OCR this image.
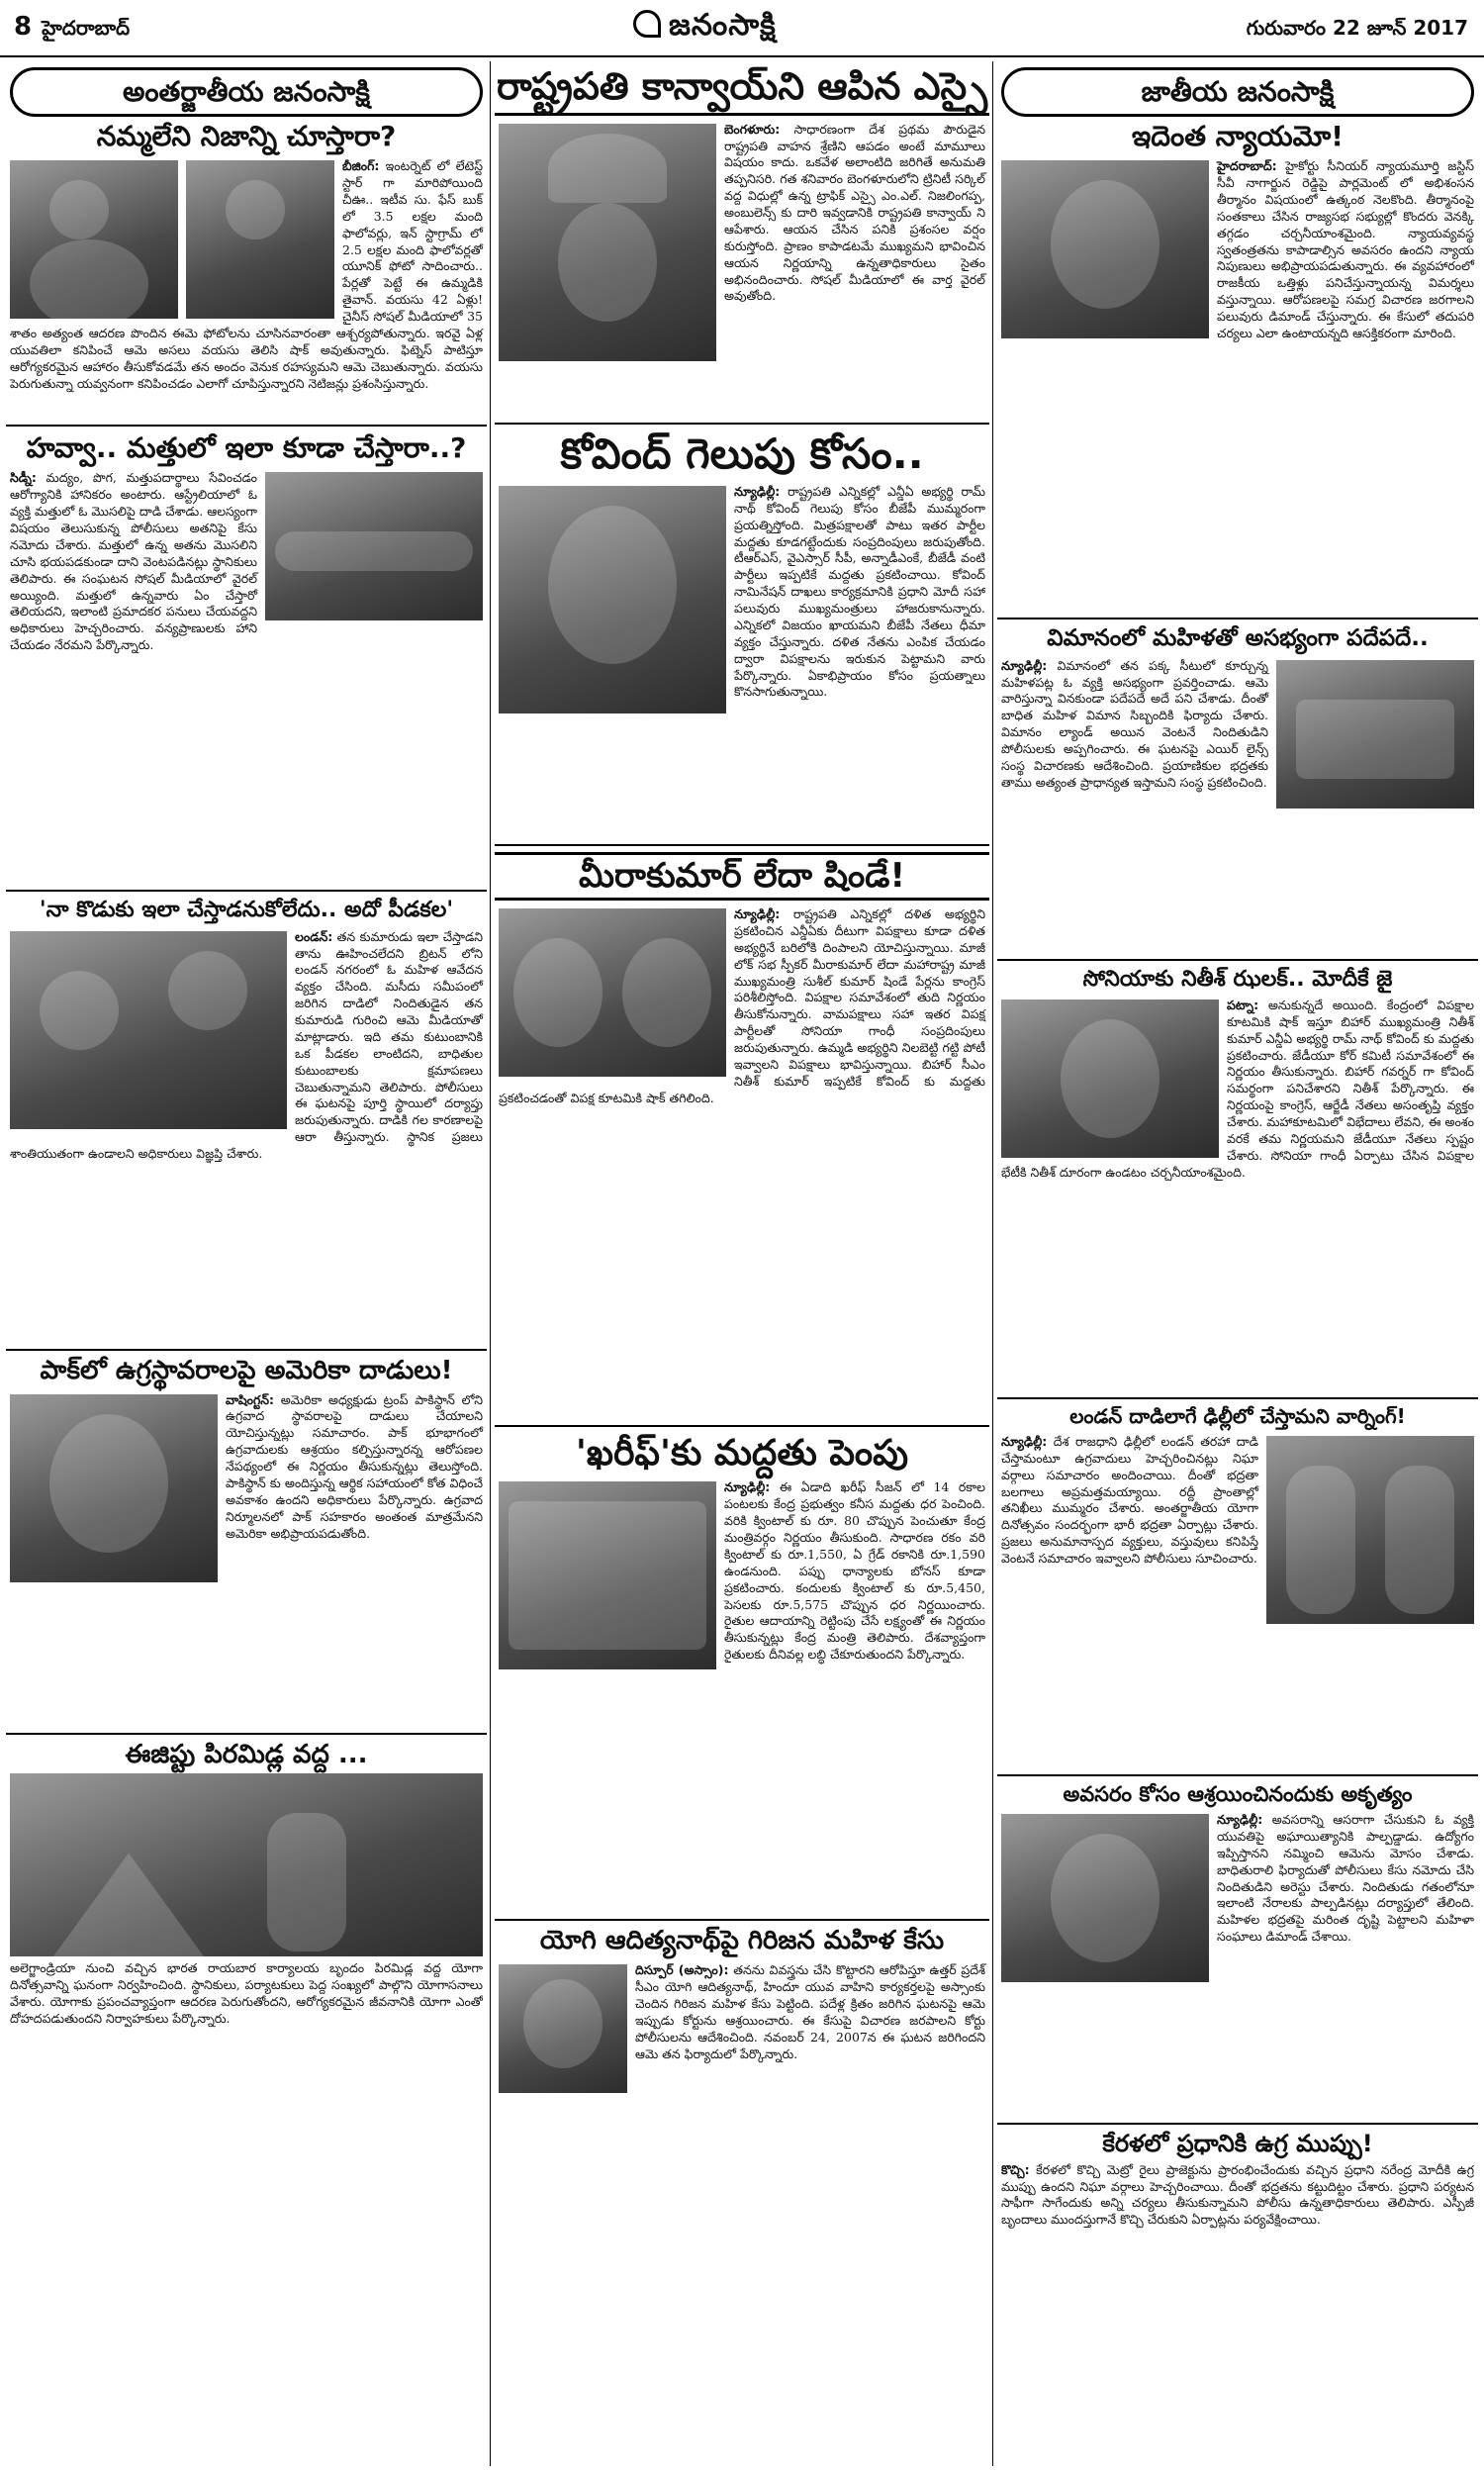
8 హైదరాబాద్	జనంసాక్షి	గురువారం 22 జూన్ 2017
అంతర్జాతీయ జనంసాక్షి
నమ్మలేని నిజాన్ని చూస్తారా?
బీజింగ్: ఇంటర్నెట్ లో లేటెస్ట్ స్టార్ గా మారిపోయింది చీఊ.. ఇటీవ సు. ఫేస్ బుక్ లో 3.5 లక్షల మంది ఫాలోవర్లు, ఇన్ స్టాగ్రామ్ లో 2.5 లక్షల మంది ఫాలోవర్లతో యూనిక్ ఫోటో సాదించారు.. పేర్లతో పెట్టే ఈ ఉమ్మడికి తైవాన్. వయసు 42 ఏళ్లు! చైనీస్ సోషల్ మీడియాలో 35 శాతం అత్యంత ఆదరణ పొందిన ఈమె ఫోటోలను చూసినవారంతా ఆశ్చర్యపోతున్నారు. ఇరవై ఏళ్ల యువతిలా కనిపించే ఆమె అసలు వయసు తెలిసి షాక్ అవుతున్నారు. ఫిట్నెస్ పాటిస్తూ ఆరోగ్యకరమైన ఆహారం తీసుకోవడమే తన అందం వెనుక రహస్యమని ఆమె చెబుతున్నారు. వయసు పెరుగుతున్నా యవ్వనంగా కనిపించడం ఎలాగో చూపిస్తున్నారని నెటిజన్లు ప్రశంసిస్తున్నారు.
హవ్వా.. మత్తులో ఇలా కూడా చేస్తారా..?
సిడ్నీ: మద్యం, పొగ, మత్తుపదార్థాలు సేవించడం ఆరోగ్యానికి హానికరం అంటారు. ఆస్ట్రేలియాలో ఓ వ్యక్తి మత్తులో ఓ మొసలిపై దాడి చేశాడు. ఆలస్యంగా విషయం తెలుసుకున్న పోలీసులు అతనిపై కేసు నమోదు చేశారు. మత్తులో ఉన్న అతను మొసలిని చూసి భయపడకుండా దాని వెంటపడినట్లు స్థానికులు తెలిపారు. ఈ సంఘటన సోషల్ మీడియాలో వైరల్ అయ్యింది. మత్తులో ఉన్నవారు ఏం చేస్తారో తెలియదని, ఇలాంటి ప్రమాదకర పనులు చేయవద్దని అధికారులు హెచ్చరించారు. వన్యప్రాణులకు హాని చేయడం నేరమని పేర్కొన్నారు.
'నా కొడుకు ఇలా చేస్తాడనుకోలేదు.. అదో పీడకల'
లండన్: తన కుమారుడు ఇలా చేస్తాడని తాను ఊహించలేదని బ్రిటన్ లోని లండన్ నగరంలో ఓ మహిళ ఆవేదన వ్యక్తం చేసింది. మసీదు సమీపంలో జరిగిన దాడిలో నిందితుడైన తన కుమారుడి గురించి ఆమె మీడియాతో మాట్లాడారు. ఇది తమ కుటుంబానికి ఒక పీడకల లాంటిదని, బాధితుల కుటుంబాలకు క్షమాపణలు చెబుతున్నామని తెలిపారు. పోలీసులు ఈ ఘటనపై పూర్తి స్థాయిలో దర్యాప్తు జరుపుతున్నారు. దాడికి గల కారణాలపై ఆరా తీస్తున్నారు. స్థానిక ప్రజలు శాంతియుతంగా ఉండాలని అధికారులు విజ్ఞప్తి చేశారు.
పాక్‌లో ఉగ్రస్థావరాలపై అమెరికా దాడులు!
వాషింగ్టన్: అమెరికా అధ్యక్షుడు ట్రంప్ పాకిస్థాన్ లోని ఉగ్రవాద స్థావరాలపై దాడులు చేయాలని యోచిస్తున్నట్లు సమాచారం. పాక్ భూభాగంలో ఉగ్రవాదులకు ఆశ్రయం కల్పిస్తున్నారన్న ఆరోపణల నేపథ్యంలో ఈ నిర్ణయం తీసుకున్నట్లు తెలుస్తోంది. పాకిస్థాన్ కు అందిస్తున్న ఆర్థిక సహాయంలో కోత విధించే అవకాశం ఉందని అధికారులు పేర్కొన్నారు. ఉగ్రవాద నిర్మూలనలో పాక్ సహకారం అంతంత మాత్రమేనని అమెరికా అభిప్రాయపడుతోంది.
ఈజిప్టు పిరమిడ్ల వద్ద ...
అలెగ్జాండ్రియా నుంచి వచ్చిన భారత రాయబార కార్యాలయ బృందం పిరమిడ్ల వద్ద యోగా దినోత్సవాన్ని ఘనంగా నిర్వహించింది. స్థానికులు, పర్యాటకులు పెద్ద సంఖ్యలో పాల్గొని యోగాసనాలు వేశారు. యోగాకు ప్రపంచవ్యాప్తంగా ఆదరణ పెరుగుతోందని, ఆరోగ్యకరమైన జీవనానికి యోగా ఎంతో దోహదపడుతుందని నిర్వాహకులు పేర్కొన్నారు.
రాష్ట్రపతి కాన్వాయ్‌ని ఆపిన ఎస్సై
బెంగళూరు: సాధారణంగా దేశ ప్రథమ పౌరుడైన రాష్ట్రపతి వాహన శ్రేణిని ఆపడం అంటే మామూలు విషయం కాదు. ఒకవేళ అలాంటిది జరిగితే అనుమతి తప్పనిసరి. గత శనివారం బెంగళూరులోని ట్రినిటీ సర్కిల్ వద్ద విధుల్లో ఉన్న ట్రాఫిక్ ఎస్సై ఎం.ఎల్. నిజలింగప్ప, అంబులెన్స్ కు దారి ఇవ్వడానికి రాష్ట్రపతి కాన్వాయ్ ని ఆపేశారు. ఆయన చేసిన పనికి ప్రశంసల వర్షం కురుస్తోంది. ప్రాణం కాపాడటమే ముఖ్యమని భావించిన ఆయన నిర్ణయాన్ని ఉన్నతాధికారులు సైతం అభినందించారు. సోషల్ మీడియాలో ఈ వార్త వైరల్ అవుతోంది.
కోవింద్ గెలుపు కోసం..
న్యూఢిల్లీ: రాష్ట్రపతి ఎన్నికల్లో ఎన్డీఏ అభ్యర్థి రామ్ నాథ్ కోవింద్ గెలుపు కోసం బీజేపీ ముమ్మరంగా ప్రయత్నిస్తోంది. మిత్రపక్షాలతో పాటు ఇతర పార్టీల మద్దతు కూడగట్టేందుకు సంప్రదింపులు జరుపుతోంది. టీఆర్ఎస్, వైఎస్సార్ సీపీ, అన్నాడీఎంకే, బీజేడీ వంటి పార్టీలు ఇప్పటికే మద్దతు ప్రకటించాయి. కోవింద్ నామినేషన్ దాఖలు కార్యక్రమానికి ప్రధాని మోదీ సహా పలువురు ముఖ్యమంత్రులు హాజరుకానున్నారు. ఎన్నికలో విజయం ఖాయమని బీజేపీ నేతలు ధీమా వ్యక్తం చేస్తున్నారు. దళిత నేతను ఎంపిక చేయడం ద్వారా విపక్షాలను ఇరుకున పెట్టామని వారు పేర్కొన్నారు. ఏకాభిప్రాయం కోసం ప్రయత్నాలు కొనసాగుతున్నాయి.
మీరాకుమార్ లేదా షిండే!
న్యూఢిల్లీ: రాష్ట్రపతి ఎన్నికల్లో దళిత అభ్యర్థిని ప్రకటించిన ఎన్డీఏకు దీటుగా విపక్షాలు కూడా దళిత అభ్యర్థినే బరిలోకి దింపాలని యోచిస్తున్నాయి. మాజీ లోక్ సభ స్పీకర్ మీరాకుమార్ లేదా మహారాష్ట్ర మాజీ ముఖ్యమంత్రి సుశీల్ కుమార్ షిండే పేర్లను కాంగ్రెస్ పరిశీలిస్తోంది. విపక్షాల సమావేశంలో తుది నిర్ణయం తీసుకోనున్నారు. వామపక్షాలు సహా ఇతర విపక్ష పార్టీలతో సోనియా గాంధీ సంప్రదింపులు జరుపుతున్నారు. ఉమ్మడి అభ్యర్థిని నిలబెట్టి గట్టి పోటీ ఇవ్వాలని విపక్షాలు భావిస్తున్నాయి. బిహార్ సీఎం నితీశ్ కుమార్ ఇప్పటికే కోవింద్ కు మద్దతు ప్రకటించడంతో విపక్ష కూటమికి షాక్ తగిలింది.
'ఖరీఫ్'కు మద్దతు పెంపు
న్యూఢిల్లీ: ఈ ఏడాది ఖరీఫ్ సీజన్ లో 14 రకాల పంటలకు కేంద్ర ప్రభుత్వం కనీస మద్దతు ధర పెంచింది. వరికి క్వింటాల్ కు రూ. 80 చొప్పున పెంచుతూ కేంద్ర మంత్రివర్గం నిర్ణయం తీసుకుంది. సాధారణ రకం వరి క్వింటాల్ కు రూ.1,550, ఏ గ్రేడ్ రకానికి రూ.1,590 ఉండనుంది. పప్పు ధాన్యాలకు బోనస్ కూడా ప్రకటించారు. కందులకు క్వింటాల్ కు రూ.5,450, పెసలకు రూ.5,575 చొప్పున ధర నిర్ణయించారు. రైతుల ఆదాయాన్ని రెట్టింపు చేసే లక్ష్యంతో ఈ నిర్ణయం తీసుకున్నట్లు కేంద్ర మంత్రి తెలిపారు. దేశవ్యాప్తంగా రైతులకు దీనివల్ల లబ్ధి చేకూరుతుందని పేర్కొన్నారు.
యోగి ఆదిత్యనాథ్‌పై గిరిజన మహిళ కేసు
దిస్పూర్ (అస్సాం): తనను వివస్త్రను చేసి కొట్టారని ఆరోపిస్తూ ఉత్తర్ ప్రదేశ్ సీఎం యోగి ఆదిత్యనాథ్, హిందూ యువ వాహిని కార్యకర్తలపై అస్సాంకు చెందిన గిరిజన మహిళ కేసు పెట్టింది. పదేళ్ల క్రితం జరిగిన ఘటనపై ఆమె ఇప్పుడు కోర్టును ఆశ్రయించారు. ఈ కేసుపై విచారణ జరపాలని కోర్టు పోలీసులను ఆదేశించింది. నవంబర్ 24, 2007న ఈ ఘటన జరిగిందని ఆమె తన ఫిర్యాదులో పేర్కొన్నారు.
జాతీయ జనంసాక్షి
ఇదెంత న్యాయమో!
హైదరాబాద్: హైకోర్టు సీనియర్ న్యాయమూర్తి జస్టిస్ సీవీ నాగార్జున రెడ్డిపై పార్లమెంట్ లో అభిశంసన తీర్మానం విషయంలో ఉత్కంఠ నెలకొంది. తీర్మానంపై సంతకాలు చేసిన రాజ్యసభ సభ్యుల్లో కొందరు వెనక్కి తగ్గడం చర్చనీయాంశమైంది. న్యాయవ్యవస్థ స్వతంత్రతను కాపాడాల్సిన అవసరం ఉందని న్యాయ నిపుణులు అభిప్రాయపడుతున్నారు. ఈ వ్యవహారంలో రాజకీయ ఒత్తిళ్లు పనిచేస్తున్నాయన్న విమర్శలు వస్తున్నాయి. ఆరోపణలపై సమగ్ర విచారణ జరగాలని పలువురు డిమాండ్ చేస్తున్నారు. ఈ కేసులో తదుపరి చర్యలు ఎలా ఉంటాయన్నది ఆసక్తికరంగా మారింది.
విమానంలో మహిళతో అసభ్యంగా పదేపదే..
న్యూఢిల్లీ: విమానంలో తన పక్క సీటులో కూర్చున్న మహిళపట్ల ఓ వ్యక్తి అసభ్యంగా ప్రవర్తించాడు. ఆమె వారిస్తున్నా వినకుండా పదేపదే అదే పని చేశాడు. దీంతో బాధిత మహిళ విమాన సిబ్బందికి ఫిర్యాదు చేశారు. విమానం ల్యాండ్ అయిన వెంటనే నిందితుడిని పోలీసులకు అప్పగించారు. ఈ ఘటనపై ఎయిర్ లైన్స్ సంస్థ విచారణకు ఆదేశించింది. ప్రయాణికుల భద్రతకు తాము అత్యంత ప్రాధాన్యత ఇస్తామని సంస్థ ప్రకటించింది.
సోనియాకు నితీశ్ ఝలక్.. మోదీకే జై
పట్నా: అనుకున్నదే అయింది. కేంద్రంలో విపక్షాల కూటమికి షాక్ ఇస్తూ బిహార్ ముఖ్యమంత్రి నితీశ్ కుమార్ ఎన్డీఏ అభ్యర్థి రామ్ నాథ్ కోవింద్ కు మద్దతు ప్రకటించారు. జేడీయూ కోర్ కమిటీ సమావేశంలో ఈ నిర్ణయం తీసుకున్నారు. బిహార్ గవర్నర్ గా కోవింద్ సమర్థంగా పనిచేశారని నితీశ్ పేర్కొన్నారు. ఈ నిర్ణయంపై కాంగ్రెస్, ఆర్జేడీ నేతలు అసంతృప్తి వ్యక్తం చేశారు. మహాకూటమిలో విభేదాలు లేవని, ఈ అంశం వరకే తమ నిర్ణయమని జేడీయూ నేతలు స్పష్టం చేశారు. సోనియా గాంధీ ఏర్పాటు చేసిన విపక్షాల భేటీకి నితీశ్ దూరంగా ఉండటం చర్చనీయాంశమైంది.
లండన్ దాడిలాగే ఢిల్లీలో చేస్తామని వార్నింగ్!
న్యూఢిల్లీ: దేశ రాజధాని ఢిల్లీలో లండన్ తరహా దాడి చేస్తామంటూ ఉగ్రవాదులు హెచ్చరించినట్లు నిఘా వర్గాలు సమాచారం అందించాయి. దీంతో భద్రతా బలగాలు అప్రమత్తమయ్యాయి. రద్దీ ప్రాంతాల్లో తనిఖీలు ముమ్మరం చేశారు. అంతర్జాతీయ యోగా దినోత్సవం సందర్భంగా భారీ భద్రతా ఏర్పాట్లు చేశారు. ప్రజలు అనుమానాస్పద వ్యక్తులు, వస్తువులు కనిపిస్తే వెంటనే సమాచారం ఇవ్వాలని పోలీసులు సూచించారు.
అవసరం కోసం ఆశ్రయించినందుకు అకృత్యం
న్యూఢిల్లీ: అవసరాన్ని ఆసరాగా చేసుకుని ఓ వ్యక్తి యువతిపై అఘాయిత్యానికి పాల్పడ్డాడు. ఉద్యోగం ఇప్పిస్తానని నమ్మించి ఆమెను మోసం చేశాడు. బాధితురాలి ఫిర్యాదుతో పోలీసులు కేసు నమోదు చేసి నిందితుడిని అరెస్టు చేశారు. నిందితుడు గతంలోనూ ఇలాంటి నేరాలకు పాల్పడినట్లు దర్యాప్తులో తేలింది. మహిళల భద్రతపై మరింత దృష్టి పెట్టాలని మహిళా సంఘాలు డిమాండ్ చేశాయి.
కేరళలో ప్రధానికి ఉగ్ర ముప్పు!
కొచ్చి: కేరళలో కొచ్చి మెట్రో రైలు ప్రాజెక్టును ప్రారంభించేందుకు వచ్చిన ప్రధాని నరేంద్ర మోదీకి ఉగ్ర ముప్పు ఉందని నిఘా వర్గాలు హెచ్చరించాయి. దీంతో భద్రతను కట్టుదిట్టం చేశారు. ప్రధాని పర్యటన సాఫీగా సాగేందుకు అన్ని చర్యలు తీసుకున్నామని పోలీసు ఉన్నతాధికారులు తెలిపారు. ఎస్పీజీ బృందాలు ముందస్తుగానే కొచ్చి చేరుకుని ఏర్పాట్లను పర్యవేక్షించాయి.
